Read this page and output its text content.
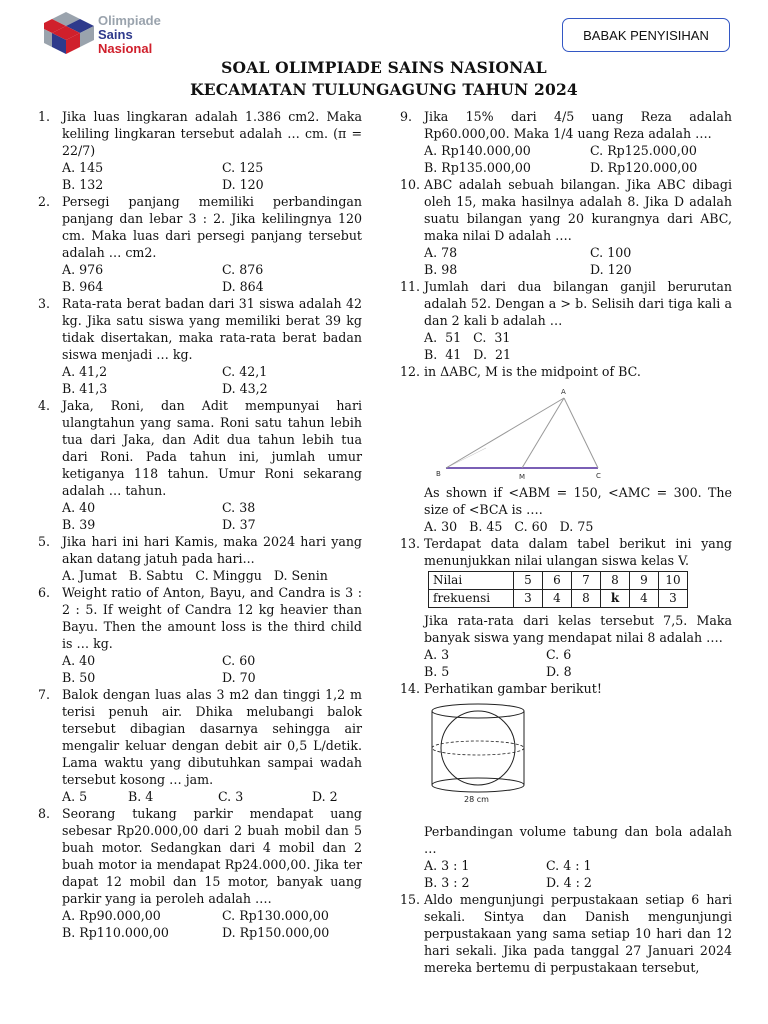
Olimpiade
Sains
Nasional
BABAK PENYISIHAN
SOAL OLIMPIADE SAINS NASIONAL
KECAMATAN TULUNGAGUNG TAHUN 2024
1. Jika luas lingkaran adalah 1.386 cm2. Maka keliling lingkaran tersebut adalah … cm. (π = 22/7)
A. 145	C. 125
B. 132	D. 120
2. Persegi panjang memiliki perbandingan panjang dan lebar 3 : 2. Jika kelilingnya 120 cm. Maka luas dari persegi panjang tersebut adalah … cm2.
A. 976	C. 876
B. 964	D. 864
3. Rata-rata berat badan dari 31 siswa adalah 42 kg. Jika satu siswa yang memiliki berat 39 kg tidak disertakan, maka rata-rata berat badan siswa menjadi … kg.
A. 41,2	C. 42,1
B. 41,3	D. 43,2
4. Jaka, Roni, dan Adit mempunyai hari ulangtahun yang sama. Roni satu tahun lebih tua dari Jaka, dan Adit dua tahun lebih tua dari Roni. Pada tahun ini, jumlah umur ketiganya 118 tahun. Umur Roni sekarang adalah … tahun.
A. 40	C. 38
B. 39	D. 37
5. Jika hari ini hari Kamis, maka 2024 hari yang akan datang jatuh pada hari...
A. Jumat   B. Sabtu   C. Minggu   D. Senin
6. Weight ratio of Anton, Bayu, and Candra is 3 : 2 : 5. If weight of Candra 12 kg heavier than Bayu. Then the amount loss is the third child is … kg.
A. 40	C. 60
B. 50	D. 70
7. Balok dengan luas alas 3 m2 dan tinggi 1,2 m terisi penuh air. Dhika melubangi balok tersebut dibagian dasarnya sehingga air mengalir keluar dengan debit air 0,5 L/detik. Lama waktu yang dibutuhkan sampai wadah tersebut kosong … jam.
A. 5	B. 4	C. 3	D. 2
8. Seorang tukang parkir mendapat uang sebesar Rp20.000,00 dari 2 buah mobil dan 5 buah motor. Sedangkan dari 4 mobil dan 2 buah motor ia mendapat Rp24.000,00. Jika ter dapat 12 mobil dan 15 motor, banyak uang parkir yang ia peroleh adalah ….
A. Rp90.000,00	C. Rp130.000,00
B. Rp110.000,00	D. Rp150.000,00
9. Jika 15% dari 4/5 uang Reza adalah Rp60.000,00. Maka 1/4 uang Reza adalah ….
A. Rp140.000,00	C. Rp125.000,00
B. Rp135.000,00	D. Rp120.000,00
10. ABC adalah sebuah bilangan. Jika ABC dibagi oleh 15, maka hasilnya adalah 8. Jika D adalah suatu bilangan yang 20 kurangnya dari ABC, maka nilai D adalah ….
A. 78	C. 100
B. 98	D. 120
11. Jumlah dari dua bilangan ganjil berurutan adalah 52. Dengan a > b. Selisih dari tiga kali a dan 2 kali b adalah …
A.  51   C.  31
B.  41   D.  21
12. in ΔABC, M is the midpoint of BC.
A
B	M	C
As shown if <ABM = 150, <AMC = 300. The size of <BCA is ….
A. 30   B. 45   C. 60   D. 75
13. Terdapat data dalam tabel berikut ini yang menunjukkan nilai ulangan siswa kelas V.
Nilai	5	6	7	8	9	10
frekuensi	3	4	8	k	4	3
Jika rata-rata dari kelas tersebut 7,5. Maka banyak siswa yang mendapat nilai 8 adalah ….
A. 3	C. 6
B. 5	D. 8
14. Perhatikan gambar berikut!
28 cm
Perbandingan volume tabung dan bola adalah …
A. 3 : 1	C. 4 : 1
B. 3 : 2	D. 4 : 2
15. Aldo mengunjungi perpustakaan setiap 6 hari sekali. Sintya dan Danish mengunjungi perpustakaan yang sama setiap 10 hari dan 12 hari sekali. Jika pada tanggal 27 Januari 2024 mereka bertemu di perpustakaan tersebut,
